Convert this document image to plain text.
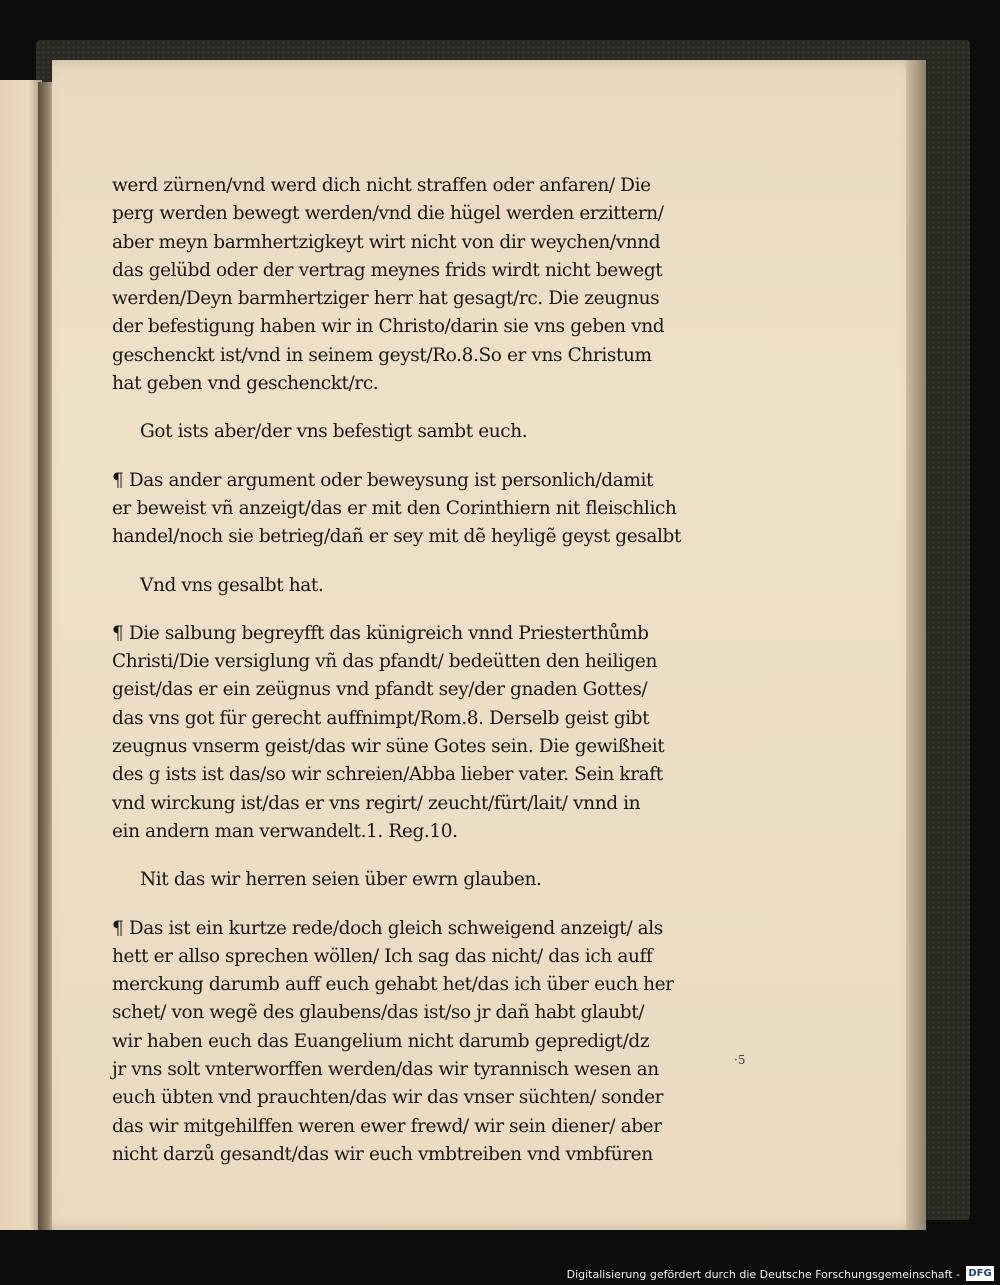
werd zürnen/vnd werd dich nicht straffen oder anfaren/ Die
perg werden bewegt werden/vnd die hügel werden erzittern/
aber meyn barmhertzigkeyt wirt nicht von dir weychen/vnnd
das gelübd oder der vertrag meynes frids wirdt nicht bewegt
werden/Deyn barmhertziger herr hat gesagt/rc. Die zeugnus
der befestigung haben wir in Christo/darin sie vns geben vnd
geschenckt ist/vnd in seinem geyst/Ro.8.So er vns Christum
hat geben vnd geschenckt/rc.
Got ists aber/der vns befestigt sambt euch.
¶ Das ander argument oder beweysung ist personlich/damit
er beweist vñ anzeigt/das er mit den Corinthiern nit fleischlich
handel/noch sie betrieg/dañ er sey mit dẽ heyligẽ geyst gesalbt
Vnd vns gesalbt hat.
¶ Die salbung begreyfft das künigreich vnnd Priesterthůmb
Christi/Die versiglung vñ das pfandt/ bedeütten den heiligen
geist/das er ein zeügnus vnd pfandt sey/der gnaden Gottes/
das vns got für gerecht auffnimpt/Rom.8. Derselb geist gibt
zeugnus vnserm geist/das wir süne Gotes sein. Die gewißheit
des g ists ist das/so wir schreien/Abba lieber vater. Sein kraft
vnd wirckung ist/das er vns regirt/ zeucht/fürt/lait/ vnnd in
ein andern man verwandelt.1. Reg.10.
Nit das wir herren seien über ewrn glauben.
¶ Das ist ein kurtze rede/doch gleich schweigend anzeigt/ als
hett er allso sprechen wöllen/ Ich sag das nicht/ das ich auff
merckung darumb auff euch gehabt het/das ich über euch her
schet/ von wegẽ des glaubens/das ist/so jr dañ habt glaubt/
wir haben euch das Euangelium nicht darumb gepredigt/dz
jr vns solt vnterworffen werden/das wir tyrannisch wesen an
euch übten vnd prauchten/das wir das vnser süchten/ sonder
das wir mitgehilffen weren ewer frewd/ wir sein diener/ aber
nicht darzů gesandt/das wir euch vmbtreiben vnd vmbfüren
·5
Digitalisierung gefördert durch die Deutsche Forschungsgemeinschaft - DFG
